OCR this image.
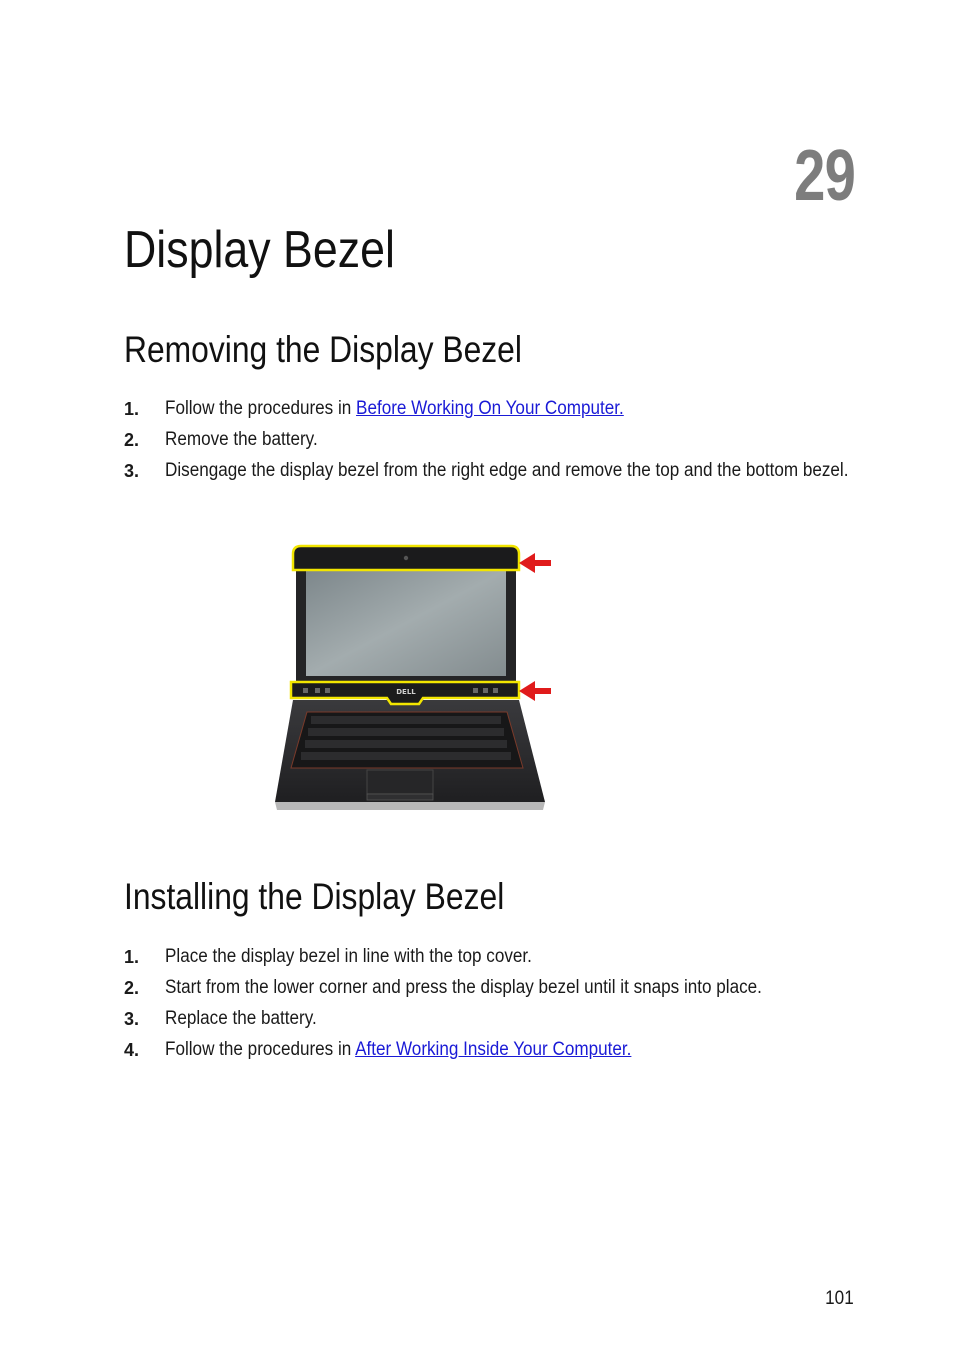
29
Display Bezel
Removing the Display Bezel
1. Follow the procedures in Before Working On Your Computer.
2. Remove the battery.
3. Disengage the display bezel from the right edge and remove the top and the bottom bezel.
DELL
Installing the Display Bezel
1. Place the display bezel in line with the top cover.
2. Start from the lower corner and press the display bezel until it snaps into place.
3. Replace the battery.
4. Follow the procedures in After Working Inside Your Computer.
101
